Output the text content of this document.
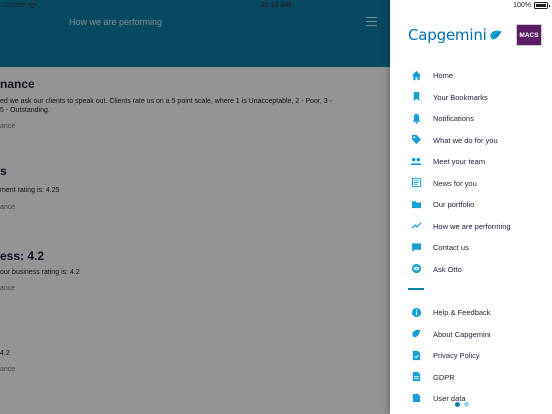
Carrier	11:13 AM	100%
How we are performing
nance
ed we ask our clients to speak out. Clients rate us on a 5 point scale, where 1 is Unacceptable, 2 - Poor, 3 -
5 - Outstanding.
ance
s
ment rating is: 4.25
ance
ess: 4.2
our business rating is: 4.2
ance
4.2
ance
Capgemini	MACS
Home
Your Bookmarks
Notifications
What we do for you
Meet your team
News for you
Our portfolio
How we are performing
Contact us
Ask Otto
Help & Feedback
About Capgemini
Privacy Policy
GDPR
User data
